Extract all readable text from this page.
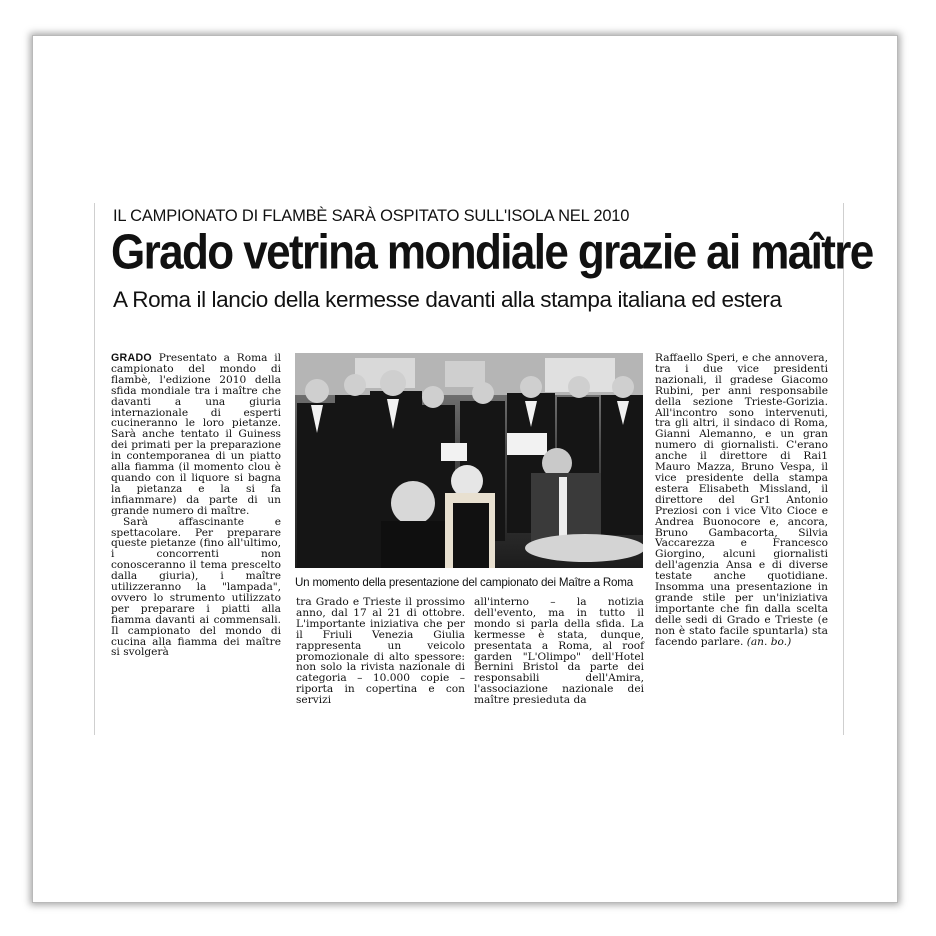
IL CAMPIONATO DI FLAMBÈ SARÀ OSPITATO SULL'ISOLA NEL 2010
Grado vetrina mondiale grazie ai maître
A Roma il lancio della kermesse davanti alla stampa italiana ed estera

GRADO Presentato a Roma il campionato del mondo di flambè, l'edizione 2010 della sfida mondiale tra i maître che davanti a una giuria internazionale di esperti cucineranno le loro pietanze. Sarà anche tentato il Guiness dei primati per la preparazione in contemporanea di un piatto alla fiamma (il momento clou è quando con il liquore si bagna la pietanza e la si fa infiammare) da parte di un grande numero di maître.

Sarà affascinante e spettacolare. Per preparare queste pietanze (fino all'ultimo, i concorrenti non conosceranno il tema prescelto dalla giuria), i maître utilizzeranno la "lampada", ovvero lo strumento utilizzato per preparare i piatti alla fiamma davanti ai commensali. Il campionato del mondo di cucina alla fiamma dei maître si svolgerà

Un momento della presentazione del campionato dei Maître a Roma

tra Grado e Trieste il prossimo anno, dal 17 al 21 di ottobre. L'importante iniziativa che per il Friuli Venezia Giulia rappresenta un veicolo promozionale di alto spessore: non solo la rivista nazionale di categoria – 10.000 copie – riporta in copertina e con servizi

all'interno – la notizia dell'evento, ma in tutto il mondo si parla della sfida. La kermesse è stata, dunque, presentata a Roma, al roof garden "L'Olimpo" dell'Hotel Bernini Bristol da parte dei responsabili dell'Amira, l'associazione nazionale dei maître presieduta da

Raffaello Speri, e che annovera, tra i due vice presidenti nazionali, il gradese Giacomo Rubini, per anni responsabile della sezione Trieste-Gorizia. All'incontro sono intervenuti, tra gli altri, il sindaco di Roma, Gianni Alemanno, e un gran numero di giornalisti. C'erano anche il direttore di Rai1 Mauro Mazza, Bruno Vespa, il vice presidente della stampa estera Elisabeth Missland, il direttore del Gr1 Antonio Preziosi con i vice Vito Cioce e Andrea Buonocore e, ancora, Bruno Gambacorta, Silvia Vaccarezza e Francesco Giorgino, alcuni giornalisti dell'agenzia Ansa e di diverse testate anche quotidiane. Insomma una presentazione in grande stile per un'iniziativa importante che fin dalla scelta delle sedi di Grado e Trieste (e non è stato facile spuntarla) sta facendo parlare. (an. bo.)
